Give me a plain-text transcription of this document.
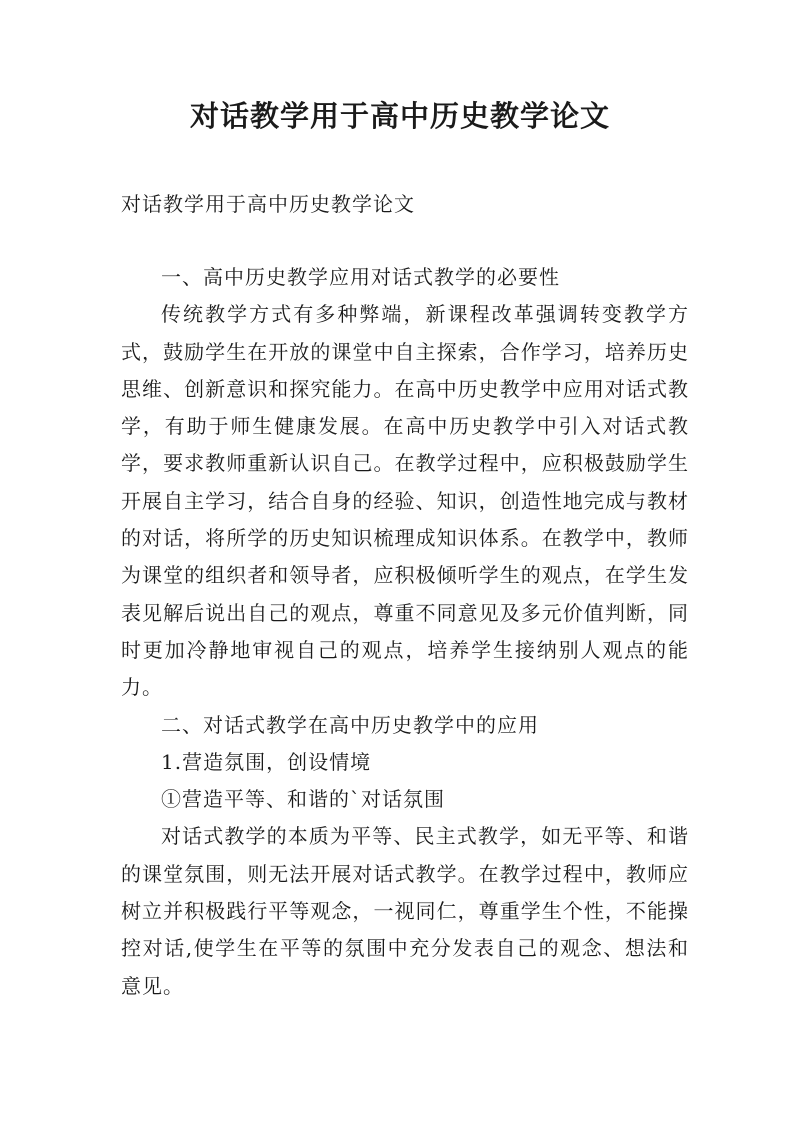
对话教学用于高中历史教学论文

对话教学用于高中历史教学论文

一、高中历史教学应用对话式教学的必要性

传统教学方式有多种弊端，新课程改革强调转变教学方式，鼓励学生在开放的课堂中自主探索，合作学习，培养历史思维、创新意识和探究能力。在高中历史教学中应用对话式教学，有助于师生健康发展。在高中历史教学中引入对话式教学，要求教师重新认识自己。在教学过程中，应积极鼓励学生开展自主学习，结合自身的经验、知识，创造性地完成与教材的对话，将所学的历史知识梳理成知识体系。在教学中，教师为课堂的组织者和领导者，应积极倾听学生的观点，在学生发表见解后说出自己的观点，尊重不同意见及多元价值判断，同时更加冷静地审视自己的观点，培养学生接纳别人观点的能力。

二、对话式教学在高中历史教学中的应用

1.营造氛围，创设情境

①营造平等、和谐的`对话氛围

对话式教学的本质为平等、民主式教学，如无平等、和谐的课堂氛围，则无法开展对话式教学。在教学过程中，教师应树立并积极践行平等观念，一视同仁，尊重学生个性，不能操控对话,使学生在平等的氛围中充分发表自己的观念、想法和意见。
